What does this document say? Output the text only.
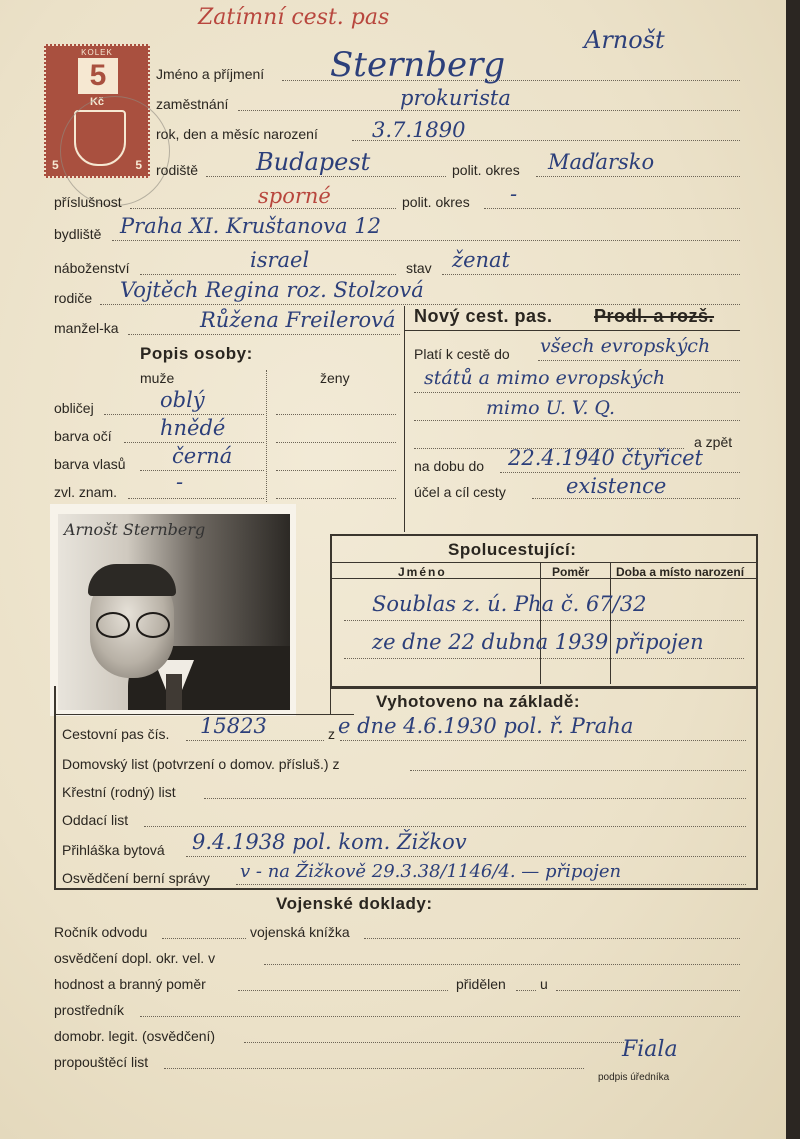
Zatímní cest. pas
Arnošt
KOLEK
5
Kč
5	5
Jméno a příjmení Sternberg
zaměstnání	prokurista
rok, den a měsíc narození	3.7.1890
rodiště Budapest	polit. okres Maďarsko
příslušnost	sporné	polit. okres -
bydliště Praha XI. Kruštanova 12
náboženství	israel	stav ženat
rodiče Vojtěch Regina roz. Stolzová
manžel-ka	Růžena Freilerová Nový cest. pas. Prodl. a rozš.
Platí k cestě do všech evropských
států a mimo evropských
mimo U. V. Q.
a zpět
na dobu do 22.4.1940 čtyřicet
účel a cíl cesty	existence
Popis osoby:
muže	ženy
obličej	oblý
barva očí hnědé
barva vlasů černá
zvl. znam.	-
Arnošt Sternberg
Spolucestující:
Jméno	Poměr Doba a místo narození
Soublas z. ú. Pha č. 67/32
ze dne 22 dubna 1939 připojen
Vyhotoveno na základě:
Cestovní pas čís. 15823	z e dne 4.6.1930 pol. ř. Praha
Domovský list (potvrzení o domov. přísluš.) z
Křestní (rodný) list
Oddací list
Přihláška bytová 9.4.1938 pol. kom. Žižkov
Osvědčení berní správy v - na Žižkově 29.3.38/1146/4. — připojen
Vojenské doklady:
Ročník odvodu	vojenská knížka
osvědčení dopl. okr. vel. v
hodnost a branný poměr	přidělen u
prostředník
domobr. legit. (osvědčení)
propouštěcí list	Fiala
podpis úředníka
